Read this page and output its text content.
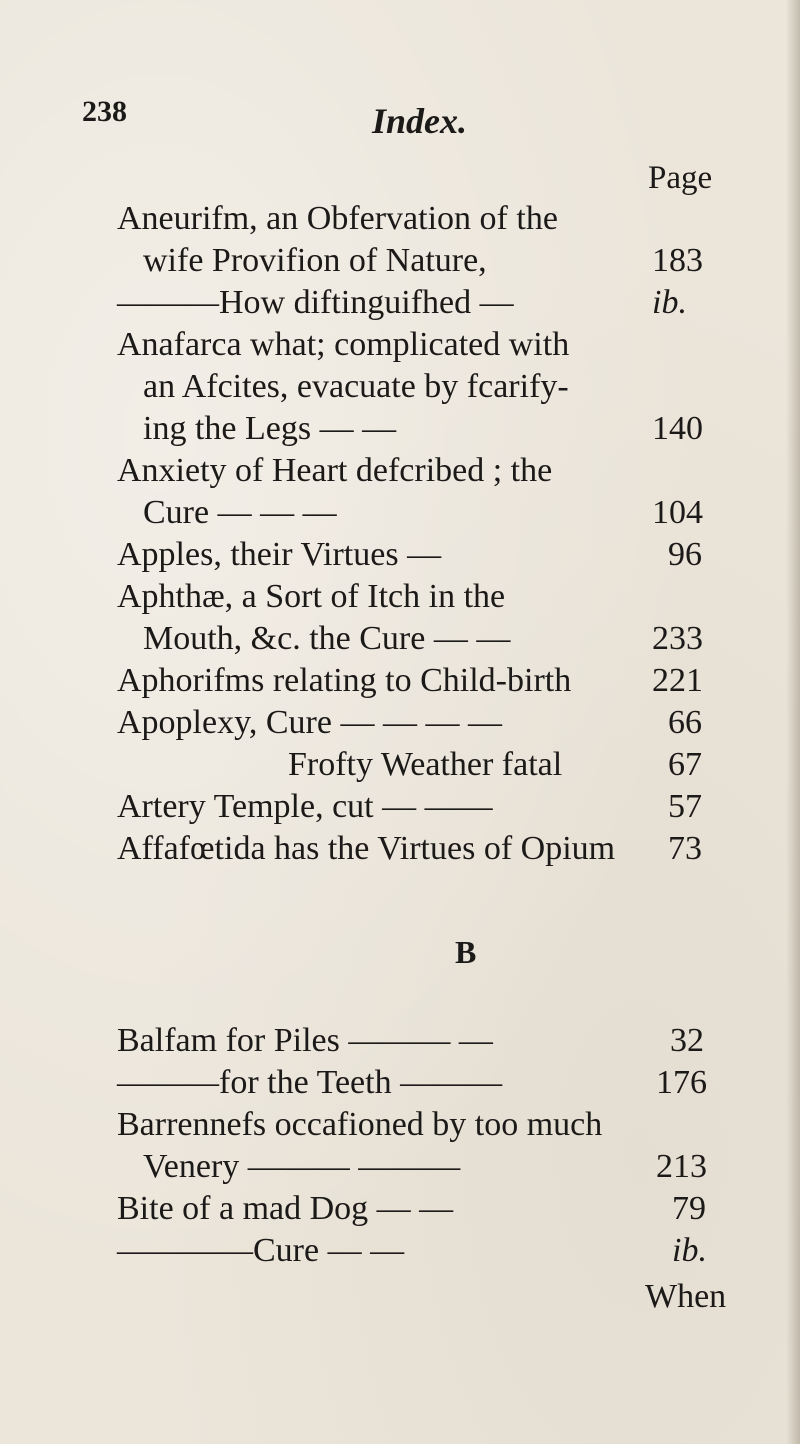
238	Index.
Page
Aneurifm, an Obfervation of the
wife Provifion of Nature,	183
———How diftinguifhed —	ib.
Anafarca what; complicated with
an Afcites, evacuate by fcarify-
ing the Legs — —	140
Anxiety of Heart defcribed ; the
Cure — — —	104
Apples, their Virtues —	96
Aphthæ, a Sort of Itch in the
Mouth, &c. the Cure — —	233
Aphorifms relating to Child-birth 221
Apoplexy, Cure — — — —	66
Frofty Weather fatal	67
Artery Temple, cut — ——	57
Affafœtida has the Virtues of Opium 73
B
Balfam for Piles ——— —	32
———for the Teeth ———	176
Barrennefs occafioned by too much
Venery ——— ———	213
Bite of a mad Dog — —	79
————Cure — —	ib.
When
